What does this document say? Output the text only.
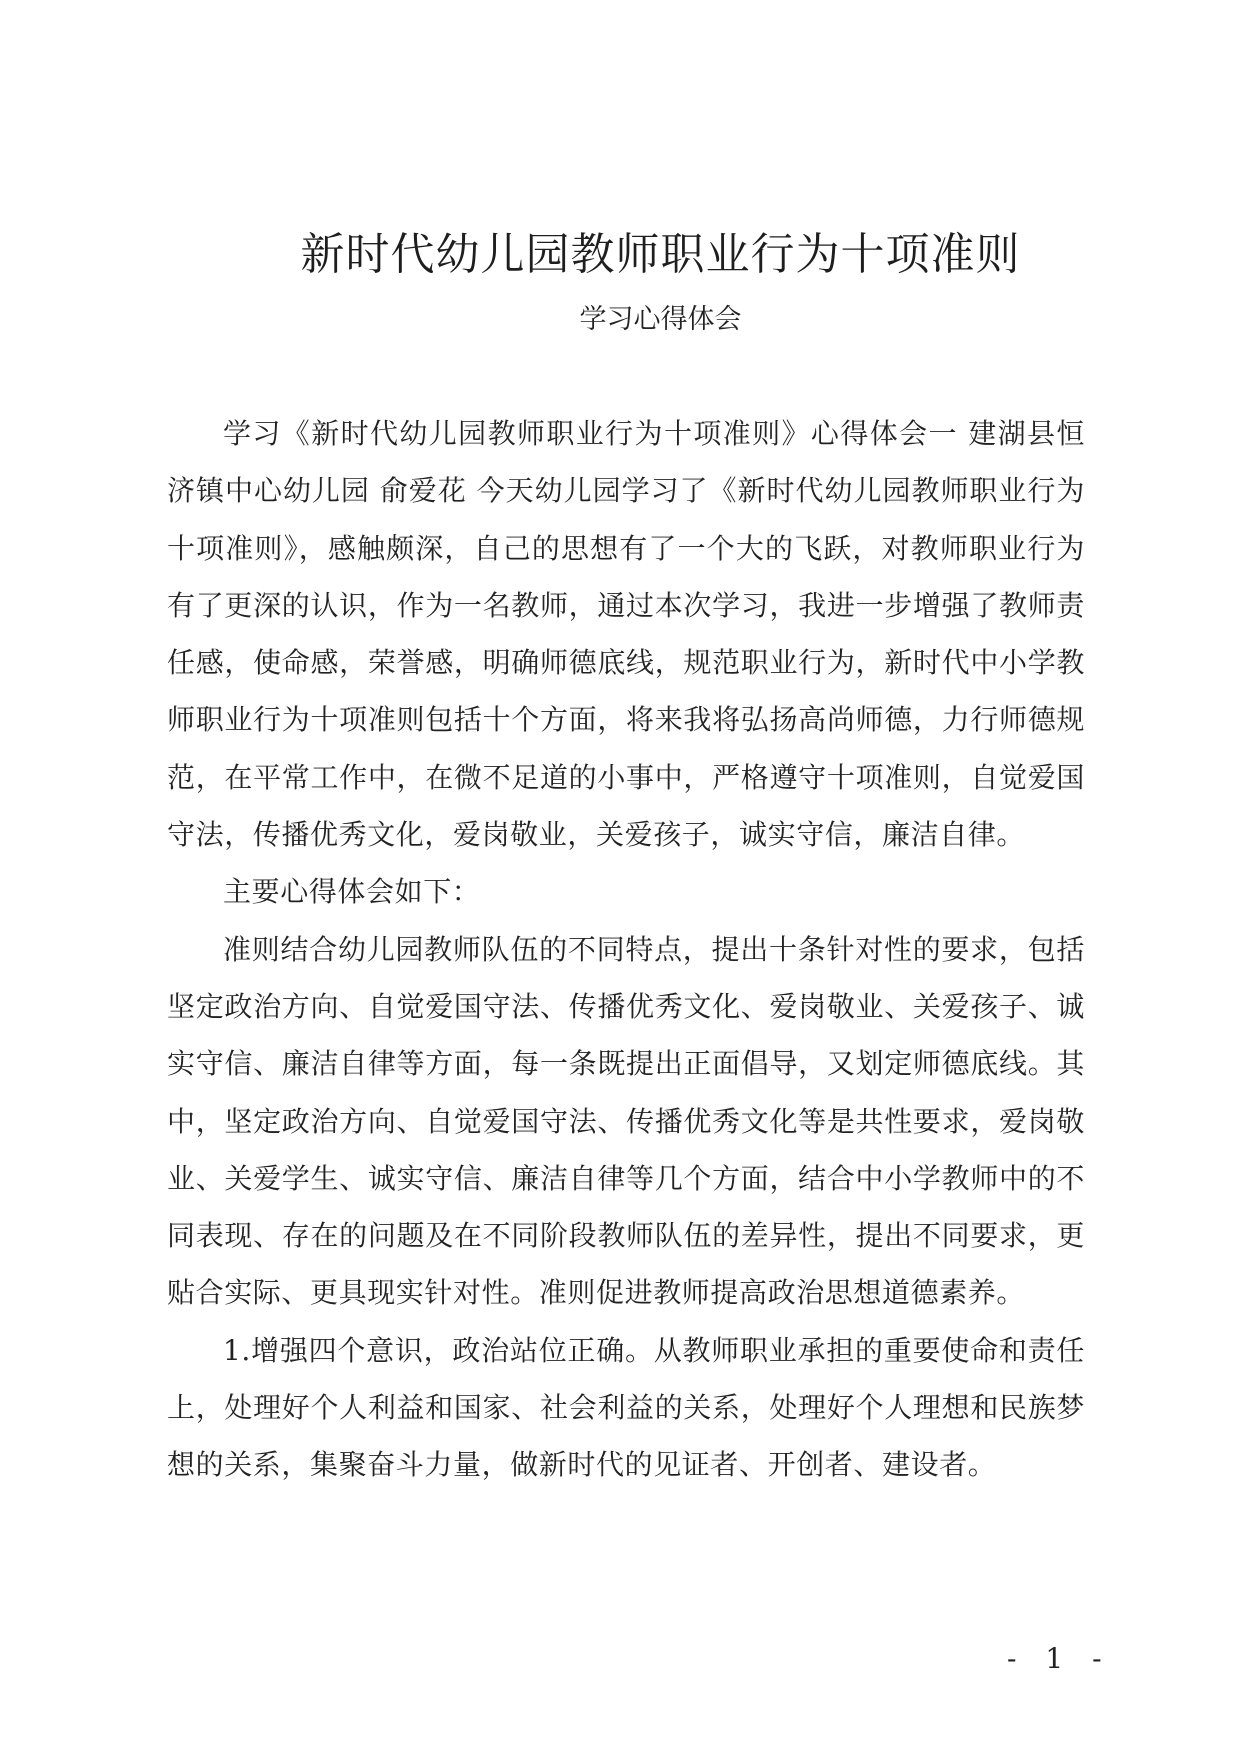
新时代幼儿园教师职业行为十项准则
学习心得体会

学习《新时代幼儿园教师职业行为十项准则》心得体会一 建湖县恒济镇中心幼儿园 俞爱花 今天幼儿园学习了《新时代幼儿园教师职业行为十项准则》，感触颇深，自己的思想有了一个大的飞跃，对教师职业行为有了更深的认识，作为一名教师，通过本次学习，我进一步增强了教师责任感，使命感，荣誉感，明确师德底线，规范职业行为，新时代中小学教师职业行为十项准则包括十个方面，将来我将弘扬高尚师德，力行师德规范，在平常工作中，在微不足道的小事中，严格遵守十项准则，自觉爱国守法，传播优秀文化，爱岗敬业，关爱孩子，诚实守信，廉洁自律。

主要心得体会如下：

准则结合幼儿园教师队伍的不同特点，提出十条针对性的要求，包括坚定政治方向、自觉爱国守法、传播优秀文化、爱岗敬业、关爱孩子、诚实守信、廉洁自律等方面，每一条既提出正面倡导，又划定师德底线。其中，坚定政治方向、自觉爱国守法、传播优秀文化等是共性要求，爱岗敬业、关爱学生、诚实守信、廉洁自律等几个方面，结合中小学教师中的不同表现、存在的问题及在不同阶段教师队伍的差异性，提出不同要求，更贴合实际、更具现实针对性。准则促进教师提高政治思想道德素养。

1.增强四个意识，政治站位正确。从教师职业承担的重要使命和责任上，处理好个人利益和国家、社会利益的关系，处理好个人理想和民族梦想的关系，集聚奋斗力量，做新时代的见证者、开创者、建设者。

- 1 -
